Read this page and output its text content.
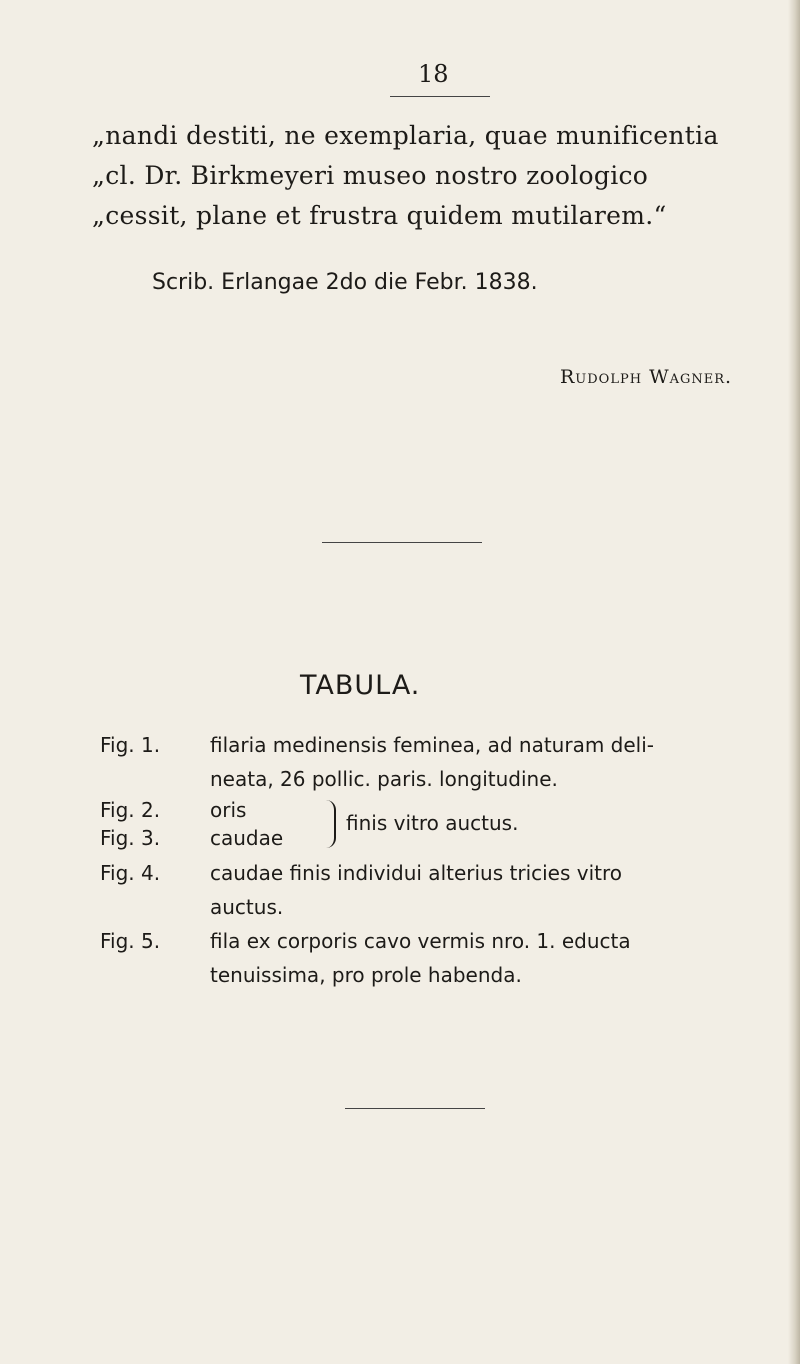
18
„nandi destiti, ne exemplaria, quae munificentia
„cl. Dr. Birkmeyeri museo nostro zoologico
„cessit, plane et frustra quidem mutilarem.“
Scrib. Erlangae 2do die Febr. 1838.
Rudolph Wagner.
TABULA.
Fig. 1.	filaria medinensis feminea, ad naturam deli-
neata, 26 pollic. paris. longitudine.
Fig. 2.	oris
Fig. 3.	caudae
finis vitro auctus.
Fig. 4.	caudae finis individui alterius tricies vitro
auctus.
Fig. 5.	fila ex corporis cavo vermis nro. 1. educta
tenuissima, pro prole habenda.
